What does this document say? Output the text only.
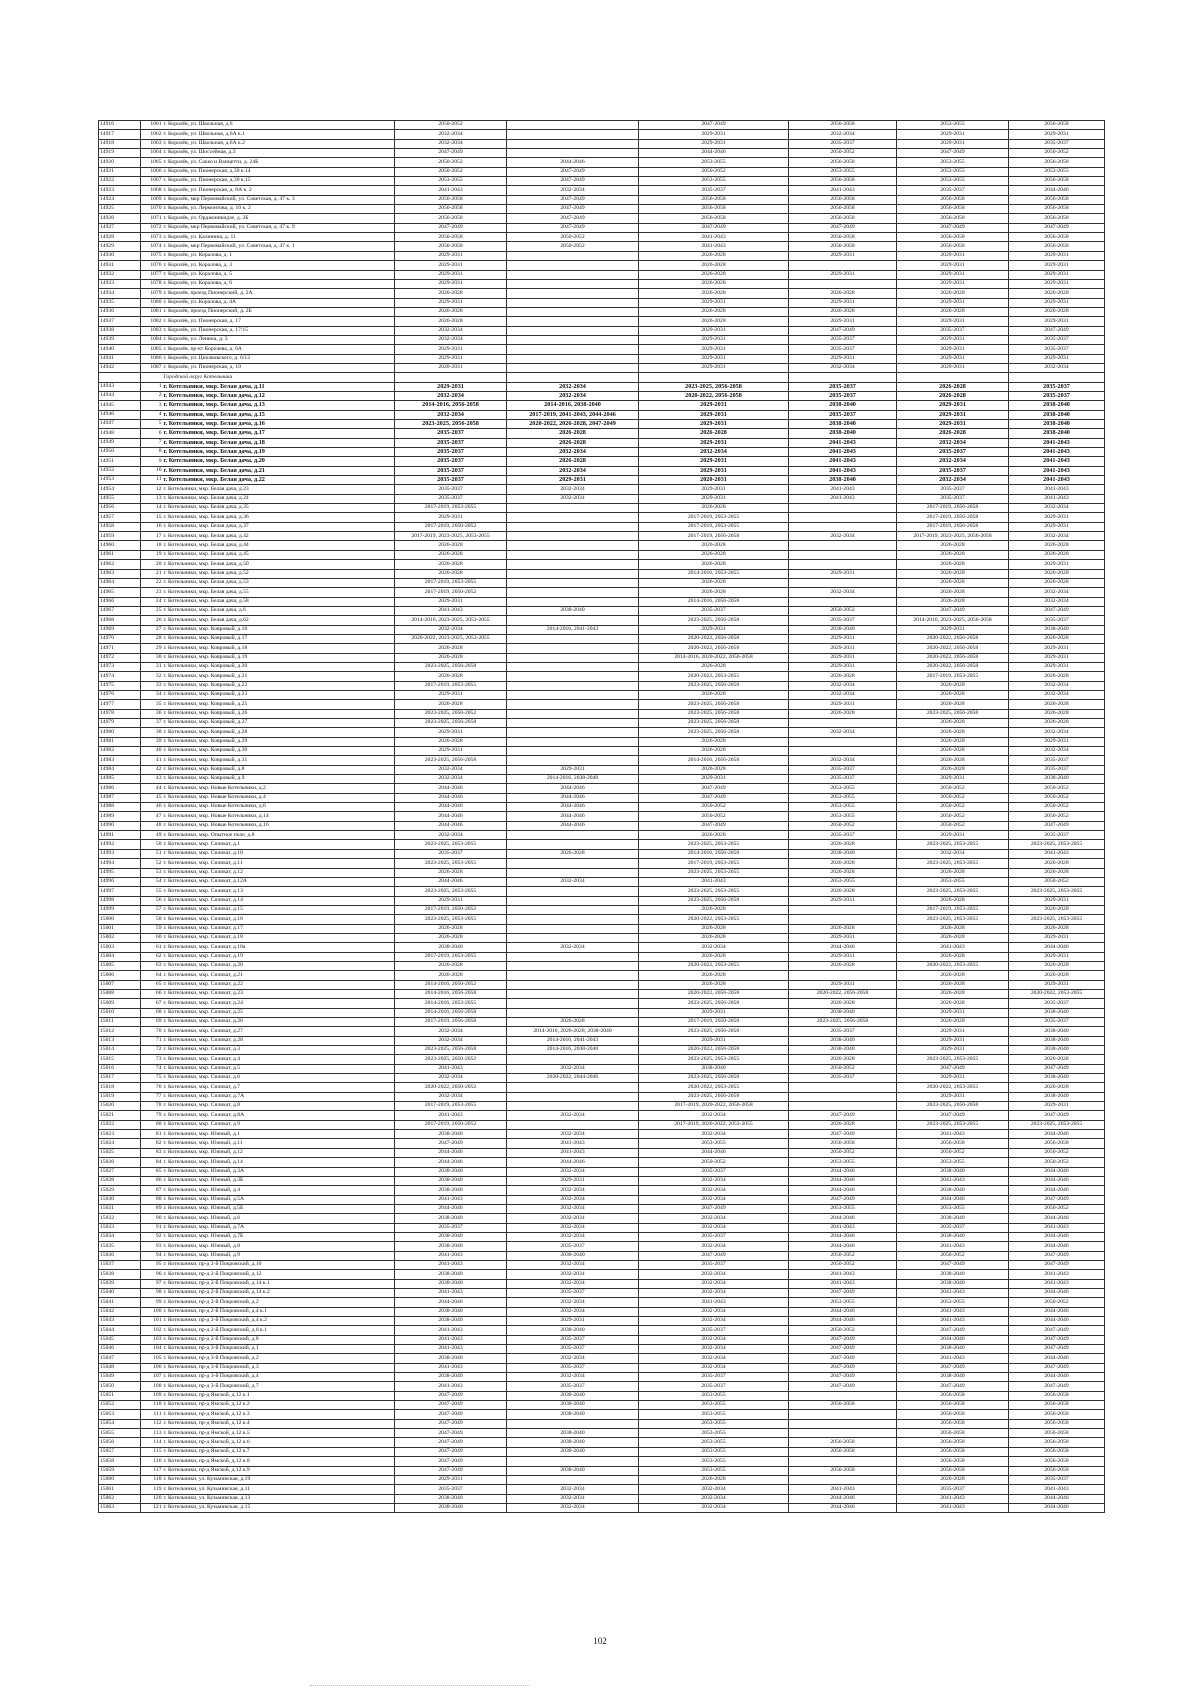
14916	1061	г. Королёв, ул. Школьная, д.6	2050-2052		2047-2049	2056-2058	2053-2055	2056-2058
14917	1062	г. Королёв, ул. Школьная, д.6А к.1	2032-2034		2029-2031	2032-2034	2029-2031	2029-2031
14918	1063	г. Королёв, ул. Школьная, д.6А к.2	2032-2034		2029-2031	2035-2037	2029-2031	2035-2037
14919	1064	г. Королёв, ул. Шоссейная, д.3	2047-2049		2044-2046	2050-2052	2047-2049	2050-2052
14920	1065	г. Королёв, ул. Сакко и Ванцетти, д. 24Б	2050-2052	2044-2046	2053-2055	2056-2058	2053-2055	2056-2058
14921	1066	г. Королёв, ул. Пионерская, д.30 к.14	2050-2052	2047-2049	2050-2052	2053-2055	2053-2055	2053-2055
14922	1067	г. Королёв, ул. Пионерская, д.30 к.15	2053-2055	2047-2049	2053-2055	2056-2058	2053-2055	2056-2058
14923	1068	г. Королёв, ул. Пионерская, д. 8А к. 2	2041-2043	2032-2034	2035-2037	2041-2043	2035-2037	2044-2046
14924	1069	г. Королёв, мкр Первомайский, ул. Советская, д. 47 к. 3	2056-2058	2047-2049	2056-2058	2056-2058	2056-2058	2056-2058
14925	1070	г. Королёв, ул. Лермонтова, д. 10 к. 2	2056-2058	2047-2049	2056-2058	2056-2058	2056-2058	2056-2058
14926	1071	г. Королёв, ул. Орджоникидзе, д. 2Б	2056-2058	2047-2049	2056-2058	2056-2058	2056-2058	2056-2058
14927	1072	г. Королёв, мкр Первомайский, ул. Советская, д. 47 к. 9	2047-2049	2047-2049	2047-2049	2047-2049	2047-2049	2047-2049
14928	1073	г. Королёв, ул. Калинина, д. 11	2056-2058	2050-2052	2041-2043	2056-2058	2056-2058	2056-2058
14929	1074	г. Королёв, мкр Первомайский, ул. Советская, д. 47 к. 1	2056-2058	2050-2052	2041-2043	2056-2058	2056-2058	2056-2058
14930	1075	г. Королёв, ул. Коралова, д. 1	2029-2031		2026-2028	2029-2031	2029-2031	2029-2031
14931	1076	г. Королёв, ул. Коралова, д. 3	2029-2031		2026-2028		2029-2031	2029-2031
14932	1077	г. Королёв, ул. Коралова, д. 5	2029-2031		2026-2028	2029-2031	2029-2031	2029-2031
14933	1078	г. Королёв, ул. Коралова, д. 6	2029-2031		2026-2028		2029-2031	2029-2031
14934	1079	г. Королёв, проезд Пионерский, д. 2А	2026-2028		2026-2028	2026-2028	2026-2028	2026-2028
14935	1080	г. Королёв, ул. Коралова, д. 4А	2029-2031		2029-2031	2029-2031	2029-2031	2029-2031
14936	1081	г. Королёв, проезд Пионерский, д. 2Б	2026-2028		2026-2028	2026-2028	2026-2028	2026-2028
14937	1082	г. Королёв, ул. Пионерская, д. 17	2026-2028		2026-2028	2029-2031	2029-2031	2029-2031
14938	1083	г. Королёв, ул. Пионерская, д. 17/15	2032-2034		2029-2031	2047-2049	2035-2037	2047-2049
14939	1084	г. Королёв, ул. Ленина, д. 3	2032-2034		2029-2031	2035-2037	2029-2031	2035-2037
14940	1085	г. Королёв, пр-кт Королева, д. 6А	2029-2031		2029-2031	2035-2037	2029-2031	2035-2037
14941	1086	г. Королёв, ул. Циолковского, д. 6/12	2029-2031		2029-2031	2029-2031	2029-2031	2029-2031
14942	1087	г. Королёв, ул. Пионерская, д. 10	2020-2031		2029-2031	2032-2034	2029-2031	2032-2034
		Городской округ Котельники						
14943	1	г. Котельники, мкр. Белая дача, д.11	2029-2031	2032-2034	2023-2025, 2056-2058	2035-2037	2026-2028	2035-2037
14944	2	г. Котельники, мкр. Белая дача, д.12	2032-2034	2032-2034	2020-2022, 2056-2058	2035-2037	2026-2028	2035-2037
14945	3	г. Котельники, мкр. Белая дача, д.13	2014-2016, 2056-2058	2014-2016, 2038-2040	2029-2031	2038-2040	2029-2031	2038-2040
14946	4	г. Котельники, мкр. Белая дача, д.15	2032-2034	2017-2019, 2041-2043, 2044-2046	2029-2031	2035-2037	2029-2031	2038-2040
14947	5	г. Котельники, мкр. Белая дача, д.16	2023-2025, 2056-2058	2020-2022, 2026-2028, 2047-2049	2029-2031	2038-2040	2029-2031	2038-2040
14948	6	г. Котельники, мкр. Белая дача, д.17	2035-2037	2026-2028	2026-2028	2038-2040	2026-2028	2038-2040
14949	7	г. Котельники, мкр. Белая дача, д.18	2035-2037	2026-2028	2029-2031	2041-2043	2032-2034	2041-2043
14950	8	г. Котельники, мкр. Белая дача, д.19	2035-2037	2032-2034	2032-2034	2041-2043	2035-2037	2041-2043
14951	9	г. Котельники, мкр. Белая дача, д.20	2035-2037	2026-2028	2029-2031	2041-2043	2032-2034	2041-2043
14952	10	г. Котельники, мкр. Белая дача, д.21	2035-2037	2032-2034	2029-2031	2041-2043	2035-2037	2041-2043
14953	11	г. Котельники, мкр. Белая дача, д.22	2035-2037	2029-2031	2020-2031	2038-2040	2032-2034	2041-2043
14954	12	г. Котельники, мкр. Белая дача, д.23	2035-2037	2032-2034	2029-2031	2041-2043	2035-2037	2041-2043
14955	13	г. Котельники, мкр. Белая дача, д.24	2035-2037	2032-2034	2029-2031	2041-2043	2035-2037	2041-2043
14956	14	г. Котельники, мкр. Белая дача, д.35	2017-2019, 2053-2055		2026-2028		2017-2019, 2056-2058	2032-2034
14957	15	г. Котельники, мкр. Белая дача, д.36	2029-2031		2017-2019, 2053-2055		2017-2019, 2056-2058	2029-2031
14958	16	г. Котельники, мкр. Белая дача, д.37	2017-2019, 2050-2052		2017-2019, 2053-2055		2017-2019, 2056-2058	2029-2031
14959	17	г. Котельники, мкр. Белая дача, д.42	2017-2019, 2023-2025, 2053-2055		2017-2019, 2056-2058	2032-2034	2017-2019, 2023-2025, 2056-2058	2032-2034
14960	18	г. Котельники, мкр. Белая дача, д.44	2026-2028		2026-2028		2026-2028	2026-2028
14961	19	г. Котельники, мкр. Белая дача, д.45	2026-2028		2026-2028		2026-2028	2026-2028
14962	20	г. Котельники, мкр. Белая дача, д.50	2026-2028		2026-2028		2026-2028	2029-2031
14963	21	г. Котельники, мкр. Белая дача, д.52	2026-2028		2014-2016, 2053-2055	2029-2031	2026-2028	2026-2028
14964	22	г. Котельники, мкр. Белая дача, д.53	2017-2019, 2053-2055		2026-2028		2026-2028	2026-2028
14965	23	г. Котельники, мкр. Белая дача, д.55	2017-2019, 2050-2052		2026-2028	2032-2034	2026-2028	2032-2034
14966	24	г. Котельники, мкр. Белая дача, д.58	2029-2031		2014-2016, 2056-2058		2026-2028	2032-2034
14967	25	г. Котельники, мкр. Белая дача, д.6	2041-2043	2038-2040	2035-2037	2050-2052	2047-2049	2047-2049
14968	26	г. Котельники, мкр. Белая дача, д.62	2014-2016, 2023-2025, 2053-2055		2023-2025, 2056-2058	2035-2037	2014-2016, 2023-2025, 2056-2058	2035-2037
14969	27	г. Котельники, мкр. Ковровый, д.10	2032-2034	2014-2016, 2041-2043	2029-2031	2038-2040	2029-2031	2038-2040
14970	28	г. Котельники, мкр. Ковровый, д.17	2020-2022, 2023-2025, 2053-2055		2020-2022, 2056-2058	2029-2031	2020-2022, 2056-2058	2026-2028
14971	29	г. Котельники, мкр. Ковровый, д.18	2026-2028		2020-2022, 2056-2058	2029-2031	2020-2022, 2056-2058	2029-2031
14972	30	г. Котельники, мкр. Ковровый, д.19	2026-2028		2014-2016, 2020-2022, 2056-2058	2029-2031	2020-2022, 2056-2058	2029-2031
14973	31	г. Котельники, мкр. Ковровый, д.20	2023-2025, 2056-2058		2026-2028	2029-2031	2020-2022, 2056-2058	2029-2031
14974	32	г. Котельники, мкр. Ковровый, д.21	2026-2028		2020-2022, 2053-2055	2026-2028	2017-2019, 2053-2055	2026-2028
14975	33	г. Котельники, мкр. Ковровый, д.22	2017-2019, 2053-2055		2023-2025, 2056-2058	2032-2034	2026-2028	2032-2034
14976	34	г. Котельники, мкр. Ковровый, д.23	2029-2031		2026-2028	2032-2034	2026-2028	2032-2034
14977	35	г. Котельники, мкр. Ковровый, д.25	2026-2028		2023-2025, 2056-2058	2029-2031	2026-2028	2026-2028
14978	36	г. Котельники, мкр. Ковровый, д.26	2023-2025, 2050-2052		2023-2025, 2056-2058	2026-2028	2023-2025, 2056-2058	2026-2028
14979	37	г. Котельники, мкр. Ковровый, д.27	2023-2025, 2056-2058		2023-2025, 2056-2058		2026-2028	2026-2028
14980	38	г. Котельники, мкр. Ковровый, д.28	2029-2031		2023-2025, 2056-2058	2032-2034	2026-2028	2032-2034
14981	39	г. Котельники, мкр. Ковровый, д.29	2026-2028		2026-2028		2026-2028	2029-2031
14982	40	г. Котельники, мкр. Ковровый, д.30	2029-2031		2026-2028		2026-2028	2032-2034
14983	41	г. Котельники, мкр. Ковровый, д.31	2023-2025, 2056-2058		2014-2016, 2056-2058	2032-2034	2026-2028	2035-2037
14984	42	г. Котельники, мкр. Ковровый, д.8	2032-2034	2029-2031	2026-2028	2035-2037	2026-2028	2035-2037
14985	43	г. Котельники, мкр. Ковровый, д.9	2032-2034	2014-2016, 2038-2040	2029-2031	2035-2037	2029-2031	2038-2040
14986	44	г. Котельники, мкр. Новые Котельники, д.2	2044-2046	2044-2046	2047-2049	2053-2055	2050-2052	2050-2052
14987	45	г. Котельники, мкр. Новые Котельники, д.4	2044-2046	2044-2046	2047-2049	2053-2055	2050-2052	2050-2052
14988	46	г. Котельники, мкр. Новые Котельники, д.6	2044-2046	2044-2046	2050-2052	2053-2055	2050-2052	2050-2052
14989	47	г. Котельники, мкр. Новые Котельники, д.14	2044-2046	2044-2046	2050-2052	2053-2055	2050-2052	2050-2052
14990	48	г. Котельники, мкр. Новые Котельники, д.16	2044-2046	2044-2046	2047-2049	2050-2052	2050-2052	2047-2049
14991	49	г. Котельники, мкр. Опытное поле, д.8	2032-2034		2026-2028	2035-2037	2029-2031	2035-2037
14992	50	г. Котельники, мкр. Силикат, д.1	2023-2025, 2053-2055		2023-2025, 2053-2055	2026-2028	2023-2025, 2053-2055	2023-2025, 2053-2055
14993	51	г. Котельники, мкр. Силикат, д.10	2035-2037	2026-2028	2014-2016, 2056-2058	2038-2040	2032-2034	2041-2043
14994	52	г. Котельники, мкр. Силикат, д.11	2023-2025, 2053-2055		2017-2019, 2053-2055	2026-2028	2023-2025, 2053-2055	2026-2028
14995	53	г. Котельники, мкр. Силикат, д.12	2026-2028		2023-2025, 2053-2055	2026-2028	2026-2028	2026-2028
14996	54	г. Котельники, мкр. Силикат, д.12А	2044-2046	2032-2034	2041-2043	2053-2055	2053-2055	2050-2052
14997	55	г. Котельники, мкр. Силикат, д.13	2023-2025, 2053-2055		2023-2025, 2053-2055	2026-2028	2023-2025, 2053-2055	2023-2025, 2053-2055
14998	56	г. Котельники, мкр. Силикат, д.14	2029-2031		2023-2025, 2056-2058	2029-2031	2026-2028	2029-2031
14999	57	г. Котельники, мкр. Силикат, д.15	2017-2019, 2050-2052		2026-2028		2017-2019, 2053-2055	2026-2028
15000	58	г. Котельники, мкр. Силикат, д.16	2023-2025, 2053-2055		2020-2022, 2053-2055		2023-2025, 2053-2055	2023-2025, 2053-2055
15001	59	г. Котельники, мкр. Силикат, д.17	2026-2028		2026-2028	2026-2028	2026-2028	2026-2028
15002	60	г. Котельники, мкр. Силикат, д.18	2026-2028		2026-2028	2029-2031	2026-2028	2029-2031
15003	61	г. Котельники, мкр. Силикат, д.18а	2038-2040	2032-2034	2032-2034	2044-2046	2041-2043	2044-2046
15004	62	г. Котельники, мкр. Силикат, д.19	2017-2019, 2053-2055		2026-2028	2029-2031	2026-2028	2029-2031
15005	63	г. Котельники, мкр. Силикат, д.20	2026-2028		2020-2022, 2053-2055	2026-2028	2020-2022, 2053-2055	2026-2028
15006	64	г. Котельники, мкр. Силикат, д.21	2026-2028		2026-2028		2026-2028	2026-2028
15007	65	г. Котельники, мкр. Силикат, д.22	2014-2016, 2050-2052		2026-2028	2029-2031	2026-2028	2029-2031
15008	66	г. Котельники, мкр. Силикат, д.23	2014-2016, 2056-2058		2020-2022, 2056-2058	2020-2022, 2056-2058	2026-2028	2020-2022, 2053-2055
15009	67	г. Котельники, мкр. Силикат, д.24	2014-2016, 2053-2055		2023-2025, 2056-2058	2026-2028	2026-2028	2035-2037
15010	68	г. Котельники, мкр. Силикат, д.25	2014-2016, 2056-2058		2029-2031	2038-2040	2029-2031	2038-2040
15011	69	г. Котельники, мкр. Силикат, д.26	2017-2019, 2056-2058	2026-2028	2017-2019, 2050-2058	2023-2025, 2056-2058	2026-2028	2035-2037
15012	70	г. Котельники, мкр. Силикат, д.27	2032-2034	2014-2016, 2026-2028, 2038-2040	2023-2025, 2056-2058	2035-2037	2029-2031	2038-2040
15013	71	г. Котельники, мкр. Силикат, д.28	2032-2034	2014-2016, 2041-2043	2029-2031	2038-2040	2029-2031	2038-2040
15014	72	г. Котельники, мкр. Силикат, д.3	2023-2025, 2056-2058	2014-2016, 2038-2040	2020-2022, 2056-2058	2038-2040	2029-2031	2038-2040
15015	73	г. Котельники, мкр. Силикат, д.4	2023-2025, 2050-2052		2023-2025, 2053-2055	2026-2028	2023-2025, 2053-2055	2026-2028
15016	74	г. Котельники, мкр. Силикат, д.5	2041-2043	2032-2034	2038-2040	2050-2052	2047-2049	2047-2049
15017	75	г. Котельники, мкр. Силикат, д.6	2032-2034	2020-2022, 2044-2046	2023-2025, 2056-2058	2035-2037	2029-2031	2038-2040
15018	76	г. Котельники, мкр. Силикат, д.7	2020-2022, 2050-2052		2020-2022, 2053-2055		2020-2022, 2053-2055	2026-2028
15019	77	г. Котельники, мкр. Силикат, д.7А	2032-2034		2023-2025, 2056-2058		2029-2031	2038-2040
15020	78	г. Котельники, мкр. Силикат, д.8	2017-2019, 2053-2055		2017-2019, 2020-2022, 2056-2058		2023-2025, 2056-2058	2029-2031
15021	79	г. Котельники, мкр. Силикат, д.8А	2041-2043	2032-2034	2032-2034	2047-2049	2047-2049	2047-2049
15022	80	г. Котельники, мкр. Силикат, д.9	2017-2019, 2050-2052		2017-2019, 2020-2022, 2053-2055	2026-2028	2023-2025, 2053-2055	2023-2025, 2053-2055
15023	81	г. Котельники, мкр. Южный, д.1	2038-2040	2032-2034	2032-2034	2047-2049	2041-2043	2044-2046
15024	82	г. Котельники, мкр. Южный, д.11	2047-2049	2041-2043	2053-2055	2056-2058	2056-2058	2056-2058
15025	83	г. Котельники, мкр. Южный, д.12	2044-2046	2041-2043	2044-2046	2050-2052	2050-2052	2050-2052
15026	84	г. Котельники, мкр. Южный, д.14	2044-2046	2044-2046	2050-2052	2053-2055	2053-2055	2050-2052
15027	85	г. Котельники, мкр. Южный, д.3А	2038-2040	2032-2034	2035-2037	2044-2046	2038-2040	2044-2046
15028	86	г. Котельники, мкр. Южный, д.3Б	2038-2040	2029-2031	2032-2034	2044-2046	2041-2043	2044-2046
15029	87	г. Котельники, мкр. Южный, д.4	2038-2040	2032-2034	2032-2034	2044-2046	2038-2040	2044-2046
15030	88	г. Котельники, мкр. Южный, д.5А	2041-2043	2032-2034	2032-2034	2047-2049	2044-2046	2047-2049
15031	89	г. Котельники, мкр. Южный, д.5Б	2044-2046	2032-2034	2047-2049	2053-2055	2053-2055	2050-2052
15032	90	г. Котельники, мкр. Южный, д.6	2038-2040	2032-2034	2032-2034	2044-2046	2038-2040	2044-2046
15033	91	г. Котельники, мкр. Южный, д.7А	2035-2037	2032-2034	2032-2034	2041-2043	2035-2037	2041-2043
15034	92	г. Котельники, мкр. Южный, д.7Б	2038-2040	2032-2034	2035-2037	2044-2046	2038-2040	2044-2046
15035	93	г. Котельники, мкр. Южный, д.8	2038-2040	2035-2037	2032-2034	2044-2046	2041-2043	2044-2046
15036	94	г. Котельники, мкр. Южный, д.9	2041-2043	2038-2040	2047-2049	2050-2052	2050-2052	2047-2049
15037	95	г. Котельники, пр-д 2-й Покровский, д.10	2041-2043	2032-2034	2035-2037	2050-2052	2047-2049	2047-2049
15038	96	г. Котельники, пр-д 2-й Покровский, д.12	2038-2040	2032-2034	2032-2034	2041-2043	2038-2040	2041-2043
15039	97	г. Котельники, пр-д 2-й Покровский, д.14 к.1	2038-2040	2032-2034	2032-2034	2041-2043	2038-2040	2041-2043
15040	98	г. Котельники, пр-д 2-й Покровский, д.14 к.2	2041-2043	2035-2037	2032-2034	2047-2049	2041-2043	2044-2046
15041	99	г. Котельники, пр-д 2-й Покровский, д.2	2044-2046	2032-2034	2041-2043	2053-2055	2053-2055	2050-2052
15042	100	г. Котельники, пр-д 2-й Покровский, д.4 к.1	2038-2040	2032-2034	2032-2034	2044-2046	2041-2043	2044-2046
15043	101	г. Котельники, пр-д 2-й Покровский, д.4 к.2	2038-2040	2029-2031	2032-2034	2044-2046	2041-2043	2044-2046
15044	102	г. Котельники, пр-д 2-й Покровский, д.6 к.1	2041-2043	2038-2040	2035-2037	2050-2052	2047-2049	2047-2049
15045	103	г. Котельники, пр-д 2-й Покровский, д.8	2041-2043	2035-2037	2032-2034	2047-2049	2044-2046	2047-2049
15046	104	г. Котельники, пр-д 3-й Покровский, д.1	2041-2043	2035-2037	2032-2034	2047-2049	2038-2040	2047-2049
15047	105	г. Котельники, пр-д 3-й Покровский, д.2	2038-2040	2032-2034	2032-2034	2047-2049	2041-2043	2044-2046
15048	106	г. Котельники, пр-д 3-й Покровский, д.3	2041-2043	2035-2037	2032-2034	2047-2049	2047-2049	2047-2049
15049	107	г. Котельники, пр-д 3-й Покровский, д.4	2038-2040	2032-2034	2035-2037	2047-2049	2038-2040	2044-2046
15050	108	г. Котельники, пр-д 3-й Покровский, д.7	2041-2043	2035-2037	2035-2037	2047-2049	2047-2049	2047-2049
15051	109	г. Котельники, пр-д Ямской, д.12 к.1	2047-2049	2038-2040	2053-2055		2056-2058	2056-2058
15052	110	г. Котельники, пр-д Ямской, д.12 к.2	2047-2049	2038-2040	2053-2055	2056-2058	2056-2058	2056-2058
15053	111	г. Котельники, пр-д Ямской, д.12 к.3	2047-2049	2038-2040	2053-2055		2056-2058	2056-2058
15054	112	г. Котельники, пр-д Ямской, д.12 к.4	2047-2049		2053-2055		2056-2058	2056-2058
15055	113	г. Котельники, пр-д Ямской, д.12 к.5	2047-2049	2038-2040	2053-2055		2056-2058	2056-2058
15056	114	г. Котельники, пр-д Ямской, д.12 к.6	2047-2049	2038-2040	2053-2055	2056-2058	2056-2058	2056-2058
15057	115	г. Котельники, пр-д Ямской, д.12 к.7	2047-2049	2038-2040	2053-2055	2056-2058	2056-2058	2056-2058
15058	116	г. Котельники, пр-д Ямской, д.12 к.8	2047-2049		2053-2055		2056-2058	2056-2058
15059	117	г. Котельники, пр-д Ямской, д.12 к.9	2047-2049	2038-2040	2053-2055	2056-2058	2056-2058	2056-2058
15060	118	г. Котельники, ул. Кузьминская, д.19	2029-2031		2026-2028		2026-2028	2035-2037
15061	119	г. Котельники, ул. Кузьминская, д.11	2035-2037	2032-2034	2032-2034	2041-2043	2035-2037	2041-2043
15062	120	г. Котельники, ул. Кузьминская, д.13	2038-2040	2032-2034	2032-2034	2044-2046	2041-2043	2044-2046
15063	121	г. Котельники, ул. Кузьминская, д.15	2038-2040	2032-2034	2032-2034	2044-2046	2041-2043	2044-2046
102
